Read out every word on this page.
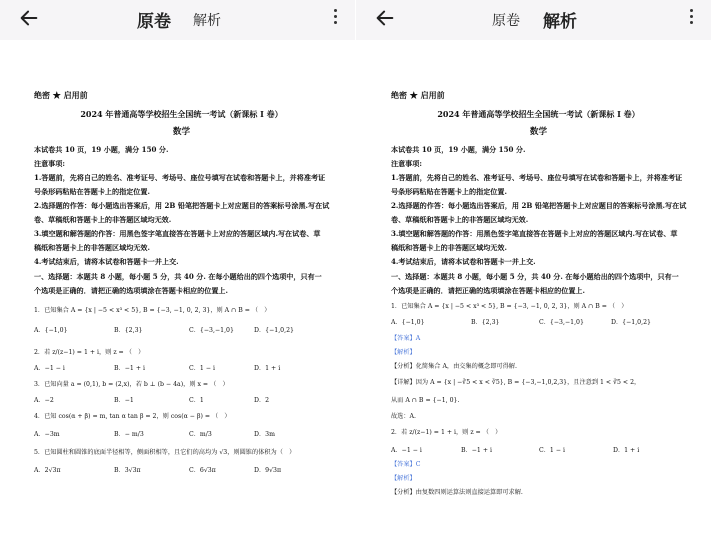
原卷 解析
绝密 ★ 启用前
2024 年普通高等学校招生全国统一考试（新课标 I 卷）
数学
本试卷共 10 页，19 小题，满分 150 分.
注意事项:
1.答题前，先将自己的姓名、准考证号、考场号、座位号填写在试卷和答题卡上，并将准考证
号条形码粘贴在答题卡上的指定位置.
2.选择题的作答：每小题选出答案后，用 2B 铅笔把答题卡上对应题目的答案标号涂黑.写在试
卷、草稿纸和答题卡上的非答题区域均无效.
3.填空题和解答题的作答：用黑色签字笔直接答在答题卡上对应的答题区域内.写在试卷、草
稿纸和答题卡上的非答题区域均无效.
4.考试结束后，请将本试卷和答题卡一并上交.
一、选择题：本题共 8 小题，每小题 5 分，共 40 分. 在每小题给出的四个选项中，只有一
个选项是正确的．请把正确的选项填涂在答题卡相应的位置上.
1．已知集合 A = {x | −5 < x³ < 5}, B = {−3, −1, 0, 2, 3}，则 A ∩ B = （　）
A．{−1,0}	B．{2,3}	C．{−3,−1,0}	D．{−1,0,2}
2．若 z/(z−1) = 1 + i，则 z = （　）
A．−1 − i	B．−1 + i	C．1 − i	D．1 + i
3．已知向量 a = (0,1), b = (2,x)，若 b ⊥ (b − 4a)，则 x = （　）
A．−2	B．−1	C．1	D．2
4．已知 cos(α + β) = m, tan α tan β = 2，则 cos(α − β) = （　）
A．−3m	B．− m/3	C．m/3	D．3m
5．已知圆柱和圆锥的底面半径相等，侧面积相等，且它们的高均为 √3，则圆锥的体积为（　）
A．2√3π	B．3√3π	C．6√3π	D．9√3π
原卷 解析
绝密 ★ 启用前
2024 年普通高等学校招生全国统一考试（新课标 I 卷）
数学
本试卷共 10 页，19 小题，满分 150 分.
注意事项:
1.答题前，先将自己的姓名、准考证号、考场号、座位号填写在试卷和答题卡上，并将准考证
号条形码粘贴在答题卡上的指定位置.
2.选择题的作答：每小题选出答案后，用 2B 铅笔把答题卡上对应题目的答案标号涂黑.写在试
卷、草稿纸和答题卡上的非答题区域均无效.
3.填空题和解答题的作答：用黑色签字笔直接答在答题卡上对应的答题区域内.写在试卷、草
稿纸和答题卡上的非答题区域均无效.
4.考试结束后，请将本试卷和答题卡一并上交.
一、选择题：本题共 8 小题，每小题 5 分，共 40 分. 在每小题给出的四个选项中，只有一
个选项是正确的．请把正确的选项填涂在答题卡相应的位置上.
1．已知集合 A = {x | −5 < x³ < 5}, B = {−3, −1, 0, 2, 3}，则 A ∩ B = （　）
A．{−1,0}	B．{2,3}	C．{−3,−1,0}	D．{−1,0,2}
【答案】A
【解析】
【分析】化简集合 A，由交集的概念即可得解.
【详解】因为 A = {x | −∛5 < x < ∛5}, B = {−3,−1,0,2,3}，且注意到 1 < ∛5 < 2，
从而 A ∩ B = {−1, 0}.
故选：A.
2．若 z/(z−1) = 1 + i，则 z = （　）
A．−1 − i	B．−1 + i	C．1 − i	D．1 + i
【答案】C
【解析】
【分析】由复数四则运算法则直接运算即可求解.
